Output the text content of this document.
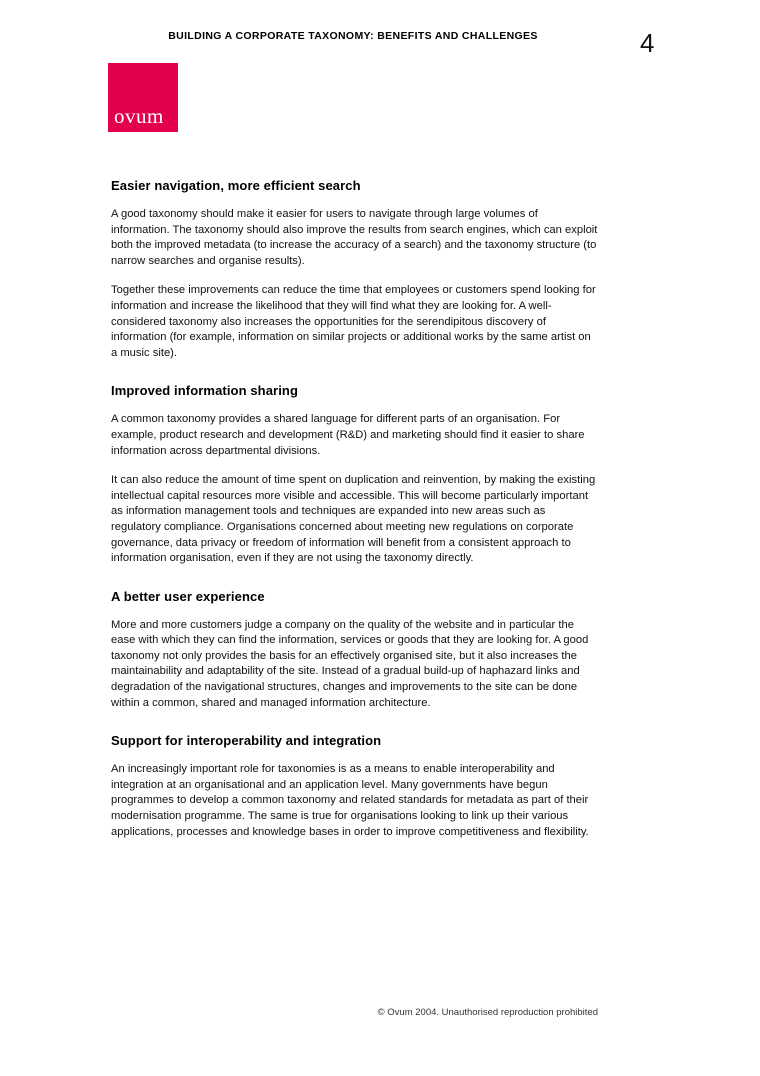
BUILDING A CORPORATE TAXONOMY: BENEFITS AND CHALLENGES	4
ovum
Easier navigation, more efficient search

A good taxonomy should make it easier for users to navigate through large volumes of information. The taxonomy should also improve the results from search engines, which can exploit both the improved metadata (to increase the accuracy of a search) and the taxonomy structure (to narrow searches and organise results).

Together these improvements can reduce the time that employees or customers spend looking for information and increase the likelihood that they will find what they are looking for. A well-considered taxonomy also increases the opportunities for the serendipitous discovery of information (for example, information on similar projects or additional works by the same artist on a music site).

Improved information sharing

A common taxonomy provides a shared language for different parts of an organisation. For example, product research and development (R&D) and marketing should find it easier to share information across departmental divisions.

It can also reduce the amount of time spent on duplication and reinvention, by making the existing intellectual capital resources more visible and accessible. This will become particularly important as information management tools and techniques are expanded into new areas such as regulatory compliance. Organisations concerned about meeting new regulations on corporate governance, data privacy or freedom of information will benefit from a consistent approach to information organisation, even if they are not using the taxonomy directly.

A better user experience

More and more customers judge a company on the quality of the website and in particular the ease with which they can find the information, services or goods that they are looking for. A good taxonomy not only provides the basis for an effectively organised site, but it also increases the maintainability and adaptability of the site. Instead of a gradual build-up of haphazard links and degradation of the navigational structures, changes and improvements to the site can be done within a common, shared and managed information architecture.

Support for interoperability and integration

An increasingly important role for taxonomies is as a means to enable interoperability and integration at an organisational and an application level. Many governments have begun programmes to develop a common taxonomy and related standards for metadata as part of their modernisation programme. The same is true for organisations looking to link up their various applications, processes and knowledge bases in order to improve competitiveness and flexibility.

© Ovum 2004. Unauthorised reproduction prohibited
